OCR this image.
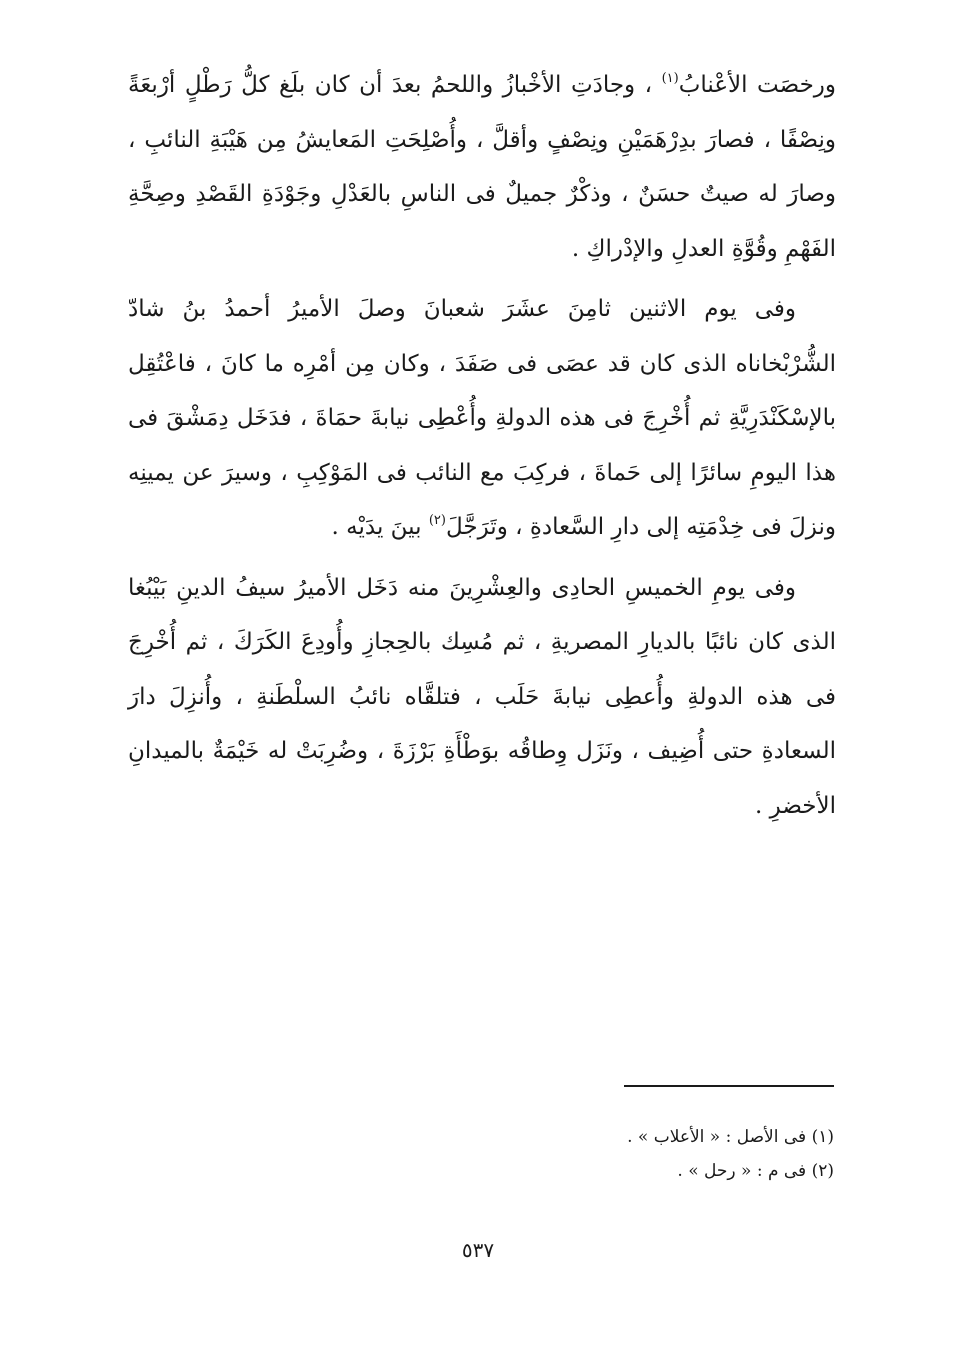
ورخصَت الأعْنابُ$^{(١)}$ ، وجادَتِ الأخْبازُ واللحمُ بعدَ أن كان بلَغ كلُّ رَطْلٍ أرْبعَةً ونِصْفًا ، فصارَ بدِرْهَمَيْنِ ونِصْفٍ وأقلَّ ، وأُصْلِحَتِ المَعايشُ مِن هَيْبَةِ النائبِ ، وصارَ له صيتٌ حسَنٌ ، وذكْرٌ جميلٌ فى الناسِ بالعَدْلِ وجَوْدَةِ القَصْدِ وصِحَّةِ الفَهْمِ وقُوَّةِ العدلِ والإدْراكِ .

وفى يوم الاثنين ثامِنَ عشَرَ شعبانَ وصلَ الأميرُ أحمدُ بنُ شادّ الشُّرْبْخاناه الذى كان قد عصَى فى صَفَدَ ، وكان مِن أمْرِه ما كانَ ، فاعْتُقِل بالإسْكَنْدَرِيَّةِ ثم أُخْرِجَ فى هذه الدولةِ وأُعْطِى نيابةَ حمَاةَ ، فدَخَل دِمَشْقَ فى هذا اليومِ سائرًا إلى حَماةَ ، فركِبَ مع النائب فى المَوْكِبِ ، وسيرَ عن يمينِه ونزلَ فى خِدْمَتِه إلى دارِ السَّعادةِ ، وتَرَجَّلَ$^{(٢)}$ بينَ يدَيْه .

وفى يومِ الخميسِ الحادِى والعِشْرِينَ منه دَخَل الأميرُ سيفُ الدينِ بَيْبُغا الذى كان نائبًا بالديارِ المصريةِ ، ثم مُسِك بالحِجازِ وأُودِعَ الكَرَكَ ، ثم أُخْرِجَ فى هذه الدولةِ وأُعطِى نيابةَ حَلَب ، فتلقَّاه نائبُ السلْطَنةِ ، وأُنزِلَ دارَ السعادةِ حتى أُضِيف ، ونَزَل وِطاقُه بوَطْأَةِ بَرْزَةَ ، وضُرِبَتْ له خَيْمَةٌ بالميدانِ الأخضرِ .

(١) فى الأصل : « الأعلاب » .

(٢) فى م : « رحل » .

٥٣٧
